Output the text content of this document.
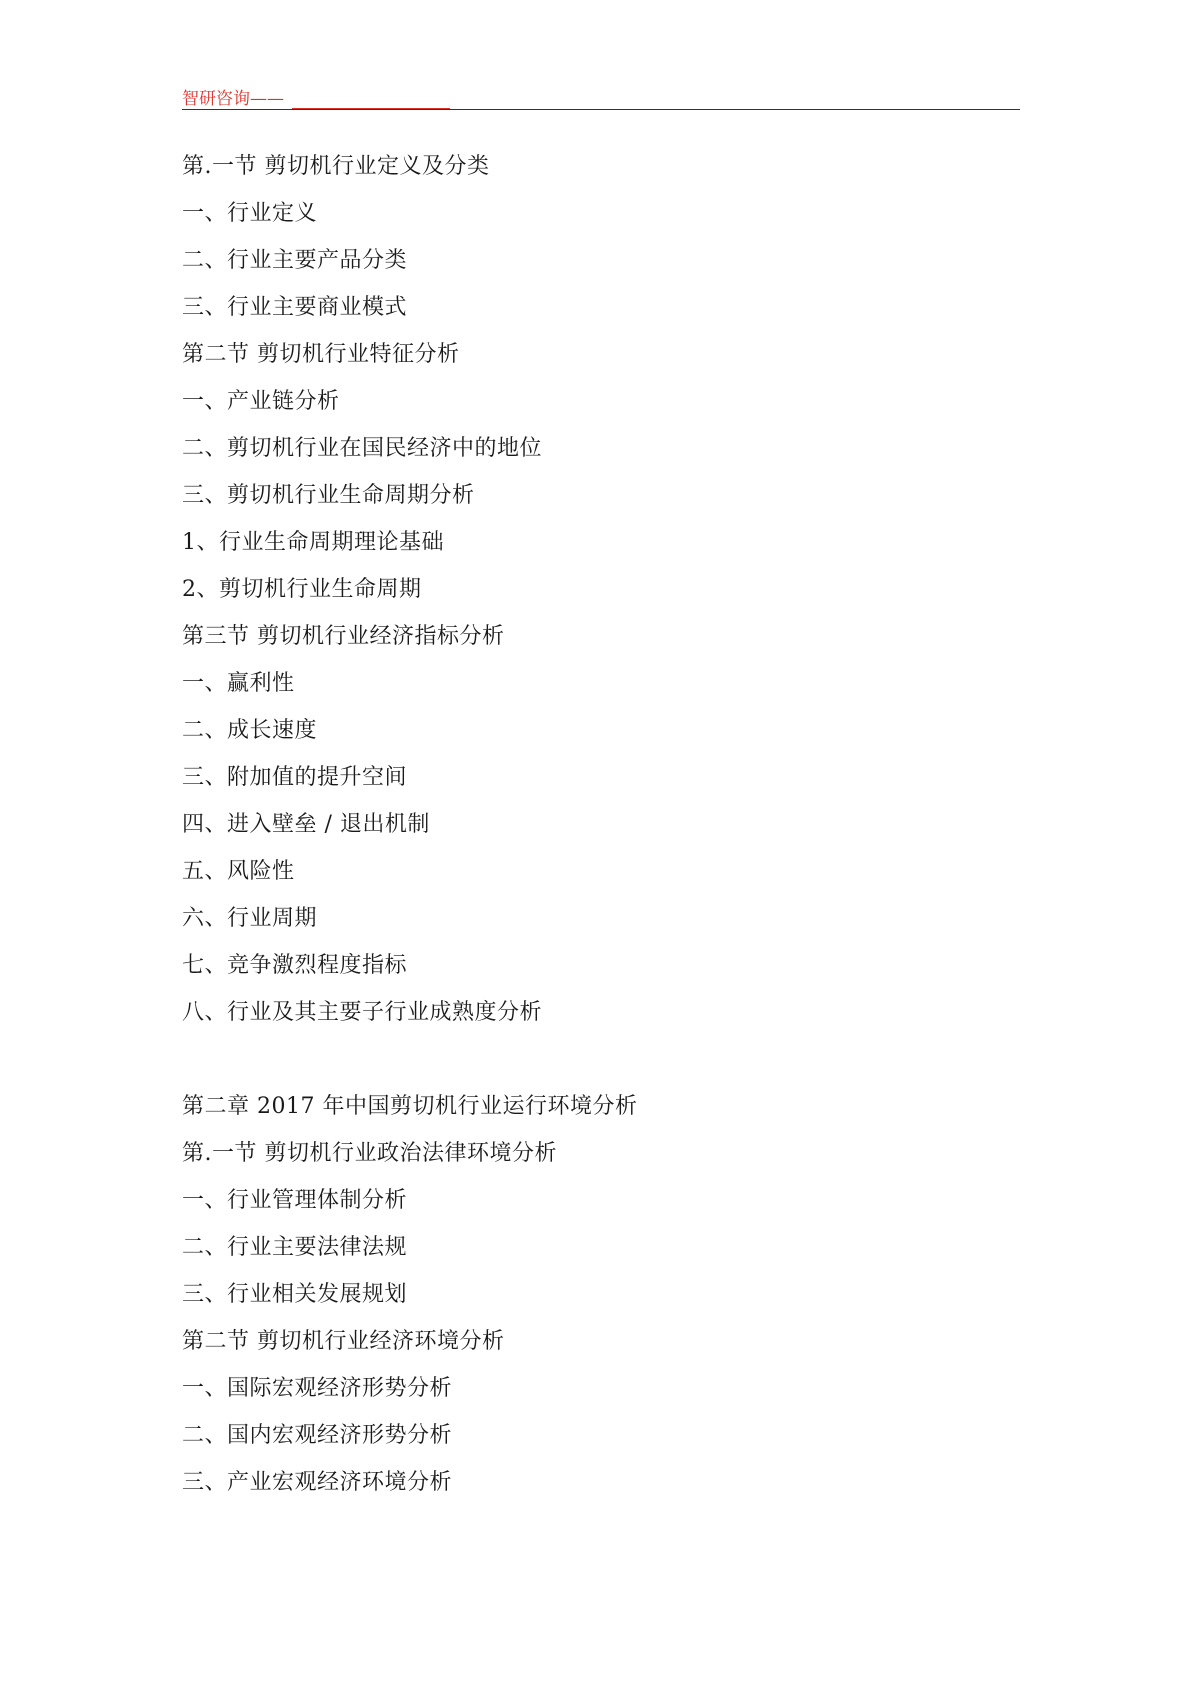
智研咨询——
第.一节 剪切机行业定义及分类
一、行业定义
二、行业主要产品分类
三、行业主要商业模式
第二节 剪切机行业特征分析
一、产业链分析
二、剪切机行业在国民经济中的地位
三、剪切机行业生命周期分析
1、行业生命周期理论基础
2、剪切机行业生命周期
第三节 剪切机行业经济指标分析
一、赢利性
二、成长速度
三、附加值的提升空间
四、进入壁垒 / 退出机制
五、风险性
六、行业周期
七、竞争激烈程度指标
八、行业及其主要子行业成熟度分析
第二章 2017 年中国剪切机行业运行环境分析
第.一节 剪切机行业政治法律环境分析
一、行业管理体制分析
二、行业主要法律法规
三、行业相关发展规划
第二节 剪切机行业经济环境分析
一、国际宏观经济形势分析
二、国内宏观经济形势分析
三、产业宏观经济环境分析
